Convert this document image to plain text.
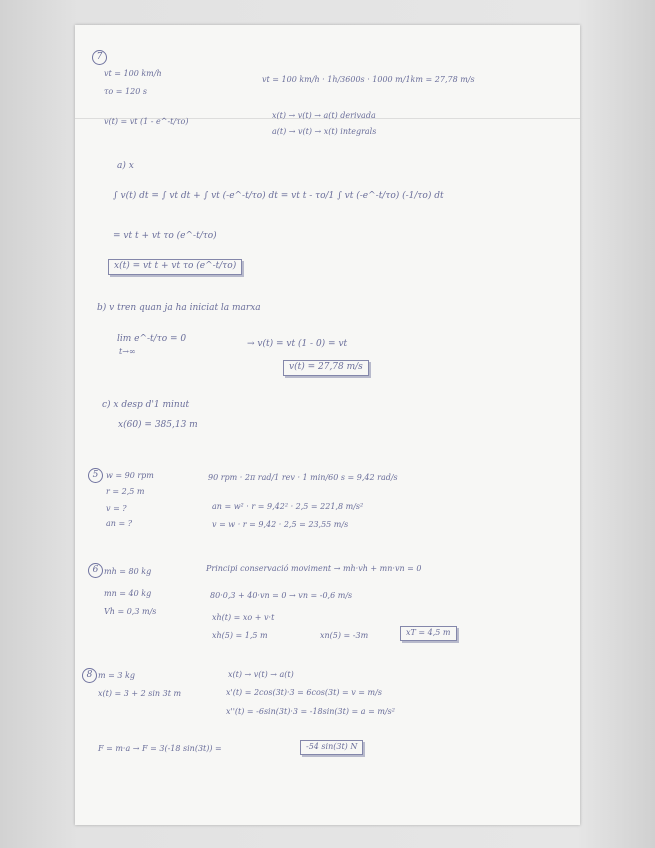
7
vt = 100 km/h
τo = 120 s
v(t) = vt (1 - e^-t/τo)
vt = 100 km/h · 1h/3600s · 1000 m/1km = 27,78 m/s
x(t) → v(t) → a(t) derivada
a(t) → v(t) → x(t) integrals
a) x
∫ v(t) dt = ∫ vt dt + ∫ vt (-e^-t/τo) dt = vt t - τo/1 ∫ vt (-e^-t/τo) (-1/τo) dt
= vt t + vt τo (e^-t/τo)
x(t) = vt t + vt τo (e^-t/τo)
b) v tren quan ja ha iniciat la marxa
lim e^-t/τo = 0
t→∞
→ v(t) = vt (1 - 0) = vt
v(t) = 27,78 m/s
c) x desp d'1 minut
x(60) = 385,13 m
5 w = 90 rpm
r = 2,5 m
v = ?
an = ?
90 rpm · 2π rad/1 rev · 1 min/60 s = 9,42 rad/s
an = w² · r = 9,42² · 2,5 = 221,8 m/s²
v = w · r = 9,42 · 2,5 = 23,55 m/s
6 mh = 80 kg
mn = 40 kg
Vh = 0,3 m/s
Principi conservació moviment → mh·vh + mn·vn = 0
80·0,3 + 40·vn = 0 → vn = -0,6 m/s
xh(t) = xo + v·t
xh(5) = 1,5 m	xn(5) = -3m	xT = 4,5 m
8 m = 3 kg
x(t) = 3 + 2 sin 3t m
x(t) → v(t) → a(t)
x'(t) = 2cos(3t)·3 = 6cos(3t) = v = m/s
x''(t) = -6sin(3t)·3 = -18sin(3t) = a = m/s²
F = m·a → F = 3(-18 sin(3t)) =	-54 sin(3t) N
